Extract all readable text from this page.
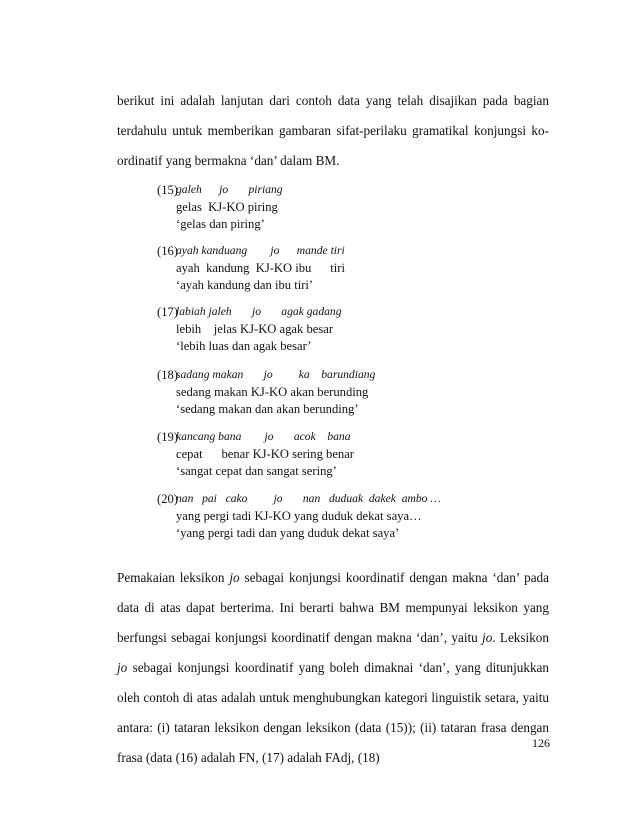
berikut ini adalah lanjutan dari contoh data yang telah disajikan pada bagian terdahulu untuk memberikan gambaran sifat-perilaku gramatikal konjungsi ko-ordinatif yang bermakna ‘dan’ dalam BM.
(15)
galeh      jo       piriang
gelas  KJ-KO piring
‘gelas dan piring’
(16)
ayah kanduang        jo      mande tiri
ayah  kandung  KJ-KO ibu      tiri
‘ayah kandung dan ibu tiri’
(17)
labiah jaleh       jo       agak gadang
lebih    jelas KJ-KO agak besar
‘lebih luas dan agak besar’
(18)
sadang makan       jo         ka    barundiang
sedang makan KJ-KO akan berunding
‘sedang makan dan akan berunding’
(19)
kancang bana        jo       acok    bana
cepat      benar KJ-KO sering benar
‘sangat cepat dan sangat sering’
(20)
nan   pai   cako         jo       nan   duduak  dakek  ambo …
yang pergi tadi KJ-KO yang duduk dekat saya…
‘yang pergi tadi dan yang duduk dekat saya’
Pemakaian leksikon jo sebagai konjungsi koordinatif dengan makna ‘dan’ pada data di atas dapat berterima. Ini berarti bahwa BM mempunyai leksikon yang berfungsi sebagai konjungsi koordinatif dengan makna ‘dan’, yaitu jo. Leksikon jo sebagai konjungsi koordinatif yang boleh dimaknai ‘dan’, yang ditunjukkan oleh contoh di atas adalah untuk menghubungkan kategori linguistik setara, yaitu antara: (i) tataran leksikon dengan leksikon (data (15)); (ii) tataran frasa dengan frasa (data (16) adalah FN, (17) adalah FAdj, (18)
126
